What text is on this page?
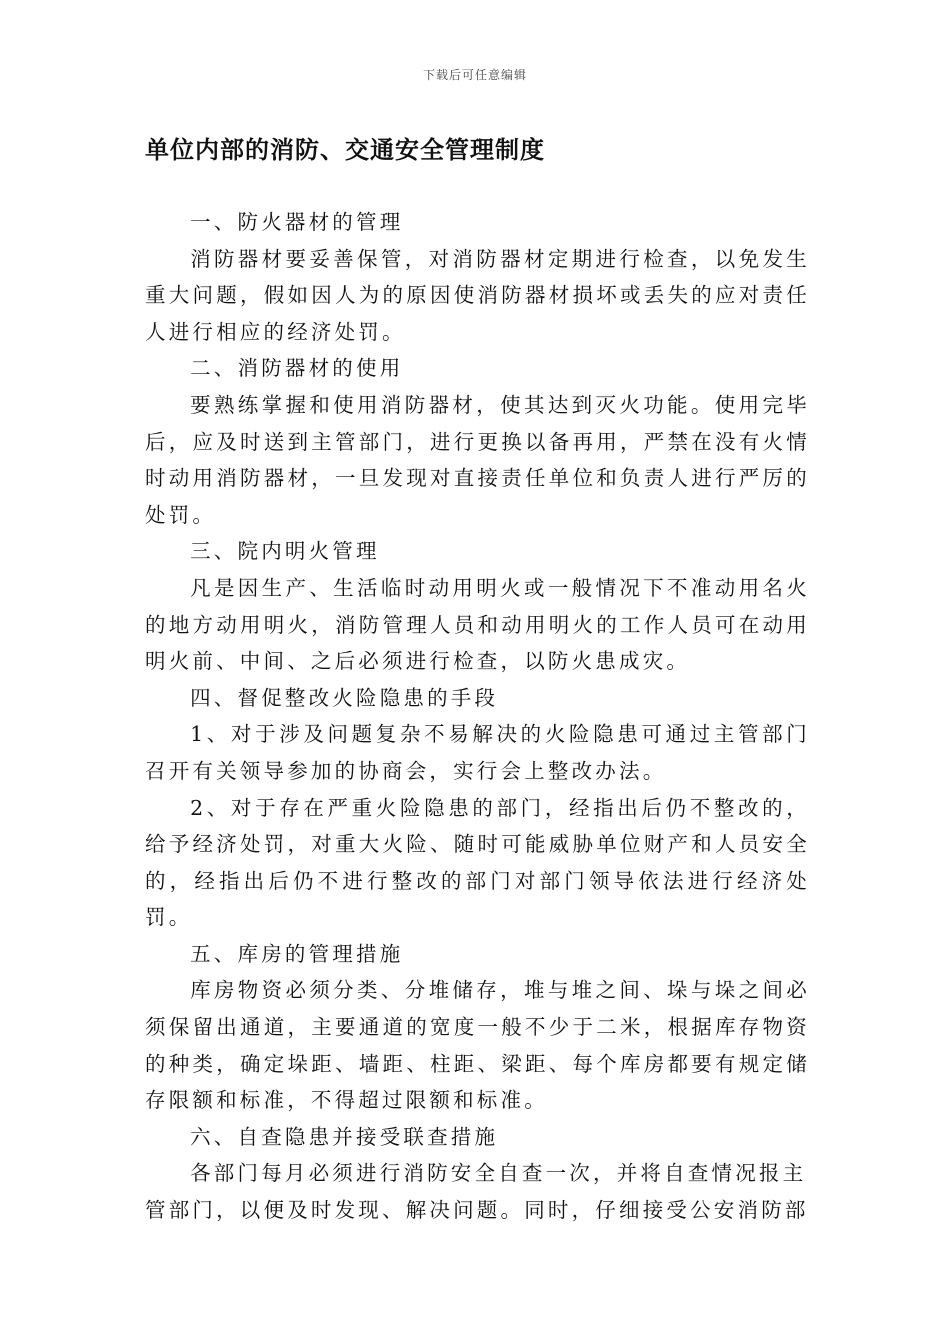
下载后可任意编辑
单位内部的消防、交通安全管理制度

一、防火器材的管理

消防器材要妥善保管，对消防器材定期进行检查，以免发生重大问题，假如因人为的原因使消防器材损坏或丢失的应对责任人进行相应的经济处罚。

二、消防器材的使用

要熟练掌握和使用消防器材，使其达到灭火功能。使用完毕后，应及时送到主管部门，进行更换以备再用，严禁在没有火情时动用消防器材，一旦发现对直接责任单位和负责人进行严厉的处罚。

三、院内明火管理

凡是因生产、生活临时动用明火或一般情况下不准动用名火的地方动用明火，消防管理人员和动用明火的工作人员可在动用明火前、中间、之后必须进行检查，以防火患成灾。

四、督促整改火险隐患的手段

1、对于涉及问题复杂不易解决的火险隐患可通过主管部门召开有关领导参加的协商会，实行会上整改办法。

2、对于存在严重火险隐患的部门，经指出后仍不整改的，给予经济处罚，对重大火险、随时可能威胁单位财产和人员安全的，经指出后仍不进行整改的部门对部门领导依法进行经济处罚。

五、库房的管理措施

库房物资必须分类、分堆储存，堆与堆之间、垛与垛之间必须保留出通道，主要通道的宽度一般不少于二米，根据库存物资的种类，确定垛距、墙距、柱距、梁距、每个库房都要有规定储存限额和标准，不得超过限额和标准。

六、自查隐患并接受联查措施

各部门每月必须进行消防安全自查一次，并将自查情况报主管部门，以便及时发现、解决问题。同时，仔细接受公安消防部
